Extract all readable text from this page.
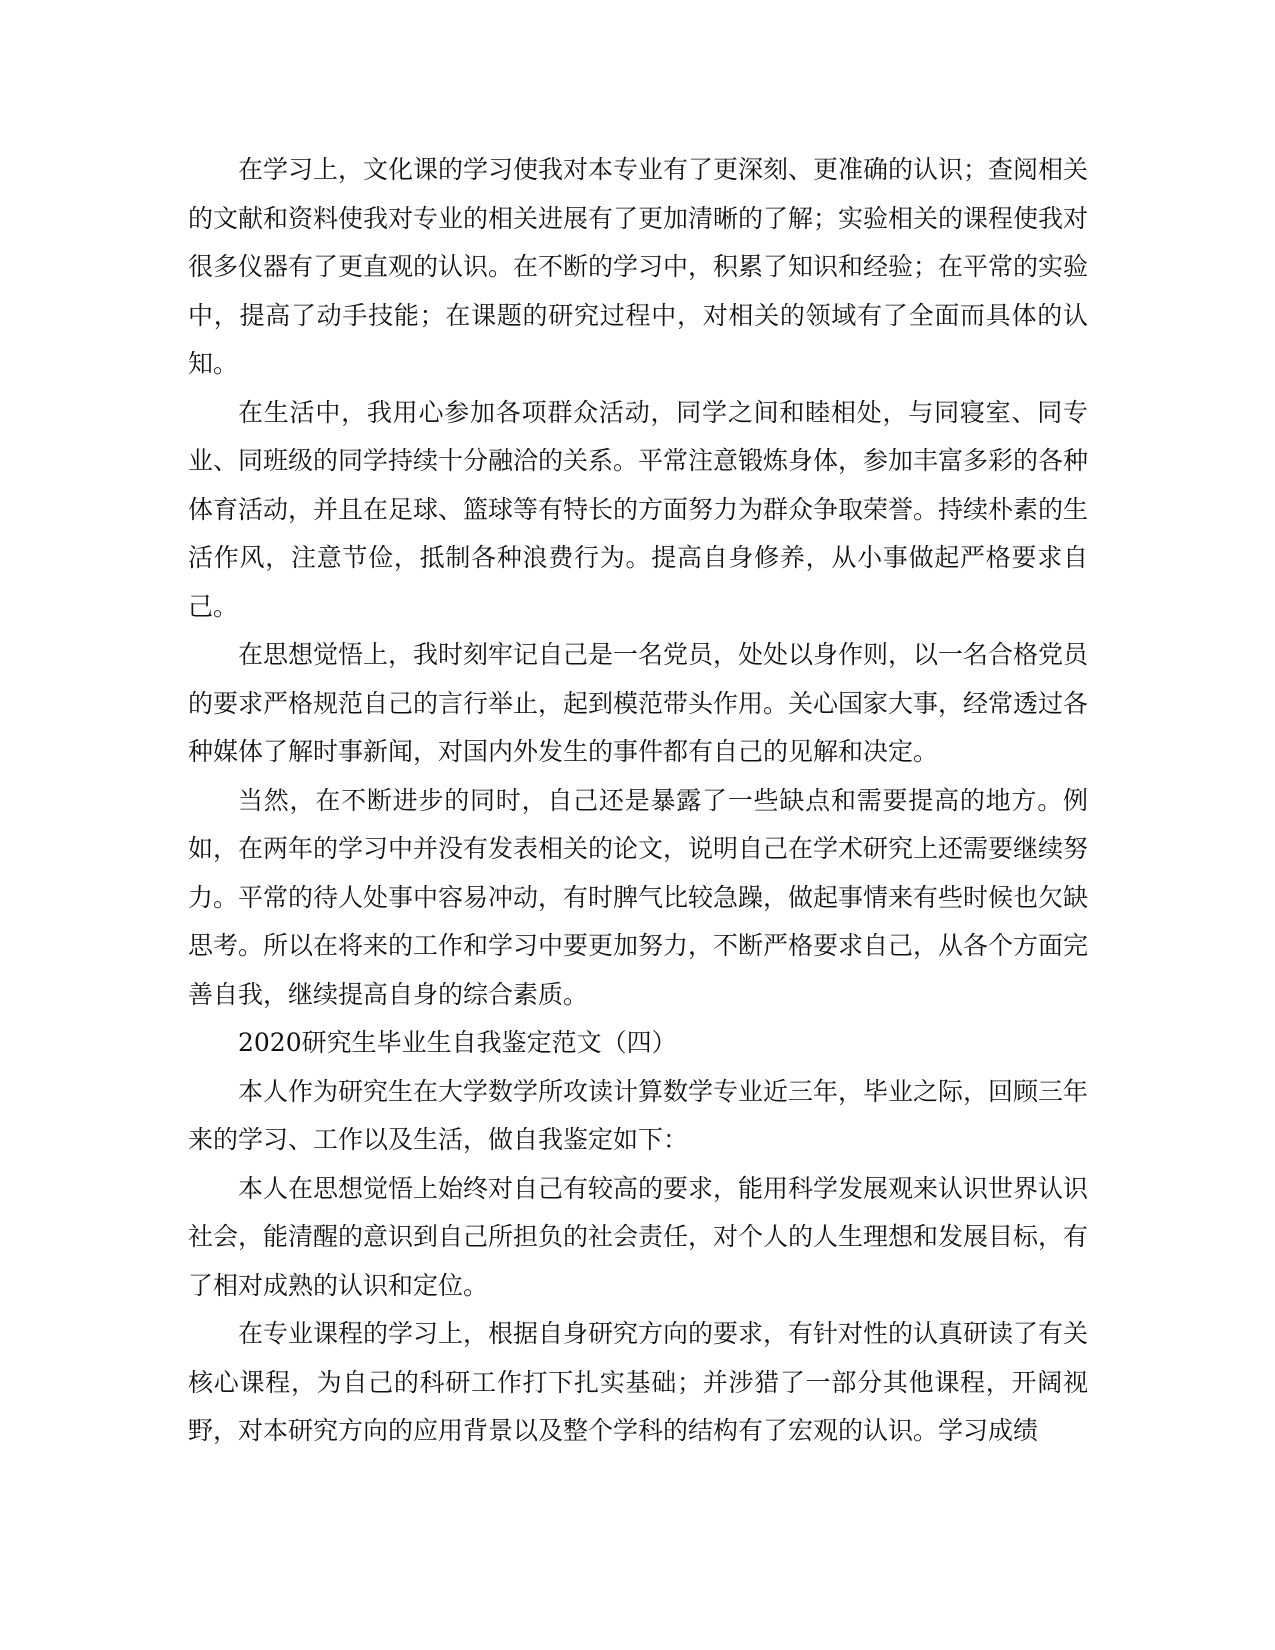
在学习上，文化课的学习使我对本专业有了更深刻、更准确的认识；查阅相关的文献和资料使我对专业的相关进展有了更加清晰的了解；实验相关的课程使我对很多仪器有了更直观的认识。在不断的学习中，积累了知识和经验；在平常的实验中，提高了动手技能；在课题的研究过程中，对相关的领域有了全面而具体的认知。

在生活中，我用心参加各项群众活动，同学之间和睦相处，与同寝室、同专业、同班级的同学持续十分融洽的关系。平常注意锻炼身体，参加丰富多彩的各种体育活动，并且在足球、篮球等有特长的方面努力为群众争取荣誉。持续朴素的生活作风，注意节俭，抵制各种浪费行为。提高自身修养，从小事做起严格要求自己。

在思想觉悟上，我时刻牢记自己是一名党员，处处以身作则，以一名合格党员的要求严格规范自己的言行举止，起到模范带头作用。关心国家大事，经常透过各种媒体了解时事新闻，对国内外发生的事件都有自己的见解和决定。

当然，在不断进步的同时，自己还是暴露了一些缺点和需要提高的地方。例如，在两年的学习中并没有发表相关的论文，说明自己在学术研究上还需要继续努力。平常的待人处事中容易冲动，有时脾气比较急躁，做起事情来有些时候也欠缺思考。所以在将来的工作和学习中要更加努力，不断严格要求自己，从各个方面完善自我，继续提高自身的综合素质。

2020研究生毕业生自我鉴定范文（四）

本人作为研究生在大学数学所攻读计算数学专业近三年，毕业之际，回顾三年来的学习、工作以及生活，做自我鉴定如下：

本人在思想觉悟上始终对自己有较高的要求，能用科学发展观来认识世界认识社会，能清醒的意识到自己所担负的社会责任，对个人的人生理想和发展目标，有了相对成熟的认识和定位。

在专业课程的学习上，根据自身研究方向的要求，有针对性的认真研读了有关核心课程，为自己的科研工作打下扎实基础；并涉猎了一部分其他课程，开阔视野，对本研究方向的应用背景以及整个学科的结构有了宏观的认识。学习成绩
